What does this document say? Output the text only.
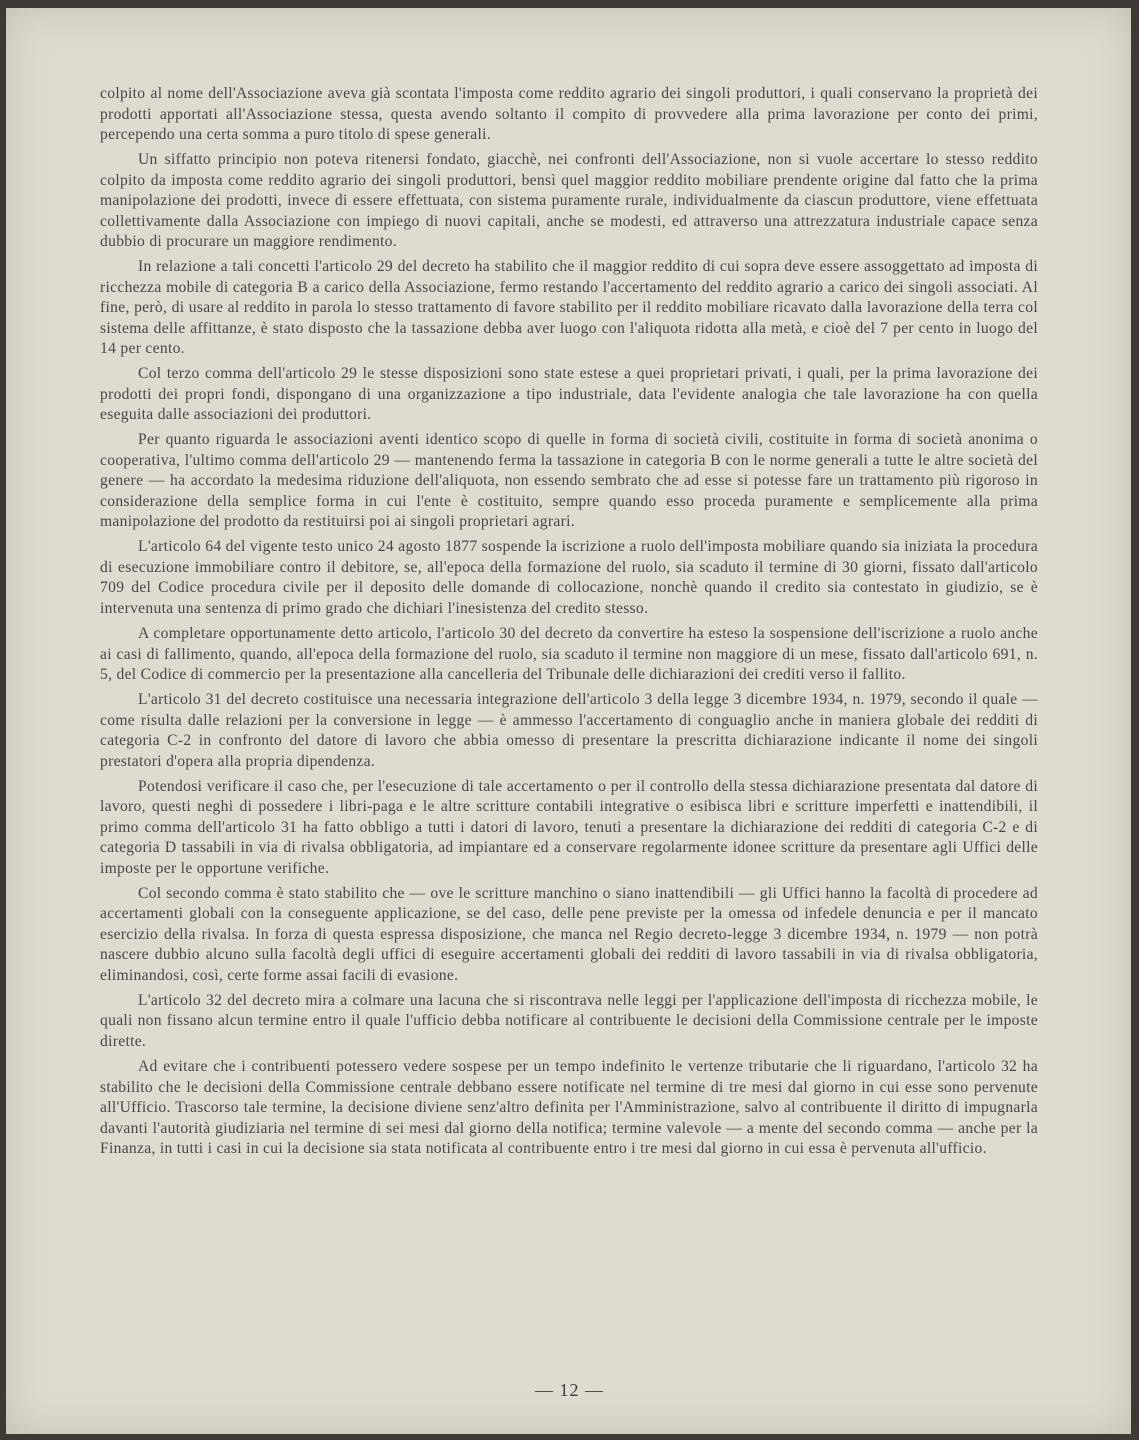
colpito al nome dell'Associazione aveva già scontata l'imposta come reddito agrario dei singoli produttori, i quali conservano la proprietà dei prodotti apportati all'Associazione stessa, questa avendo soltanto il compito di provvedere alla prima lavorazione per conto dei primi, percependo una certa somma a puro titolo di spese generali.

Un siffatto principio non poteva ritenersi fondato, giacchè, nei confronti dell'Associazione, non si vuole accertare lo stesso reddito colpito da imposta come reddito agrario dei singoli produttori, bensì quel maggior reddito mobiliare prendente origine dal fatto che la prima manipolazione dei prodotti, invece di essere effettuata, con sistema puramente rurale, individualmente da ciascun produttore, viene effettuata collettivamente dalla Associazione con impiego di nuovi capitali, anche se modesti, ed attraverso una attrezzatura industriale capace senza dubbio di procurare un maggiore rendimento.

In relazione a tali concetti l'articolo 29 del decreto ha stabilito che il maggior reddito di cui sopra deve essere assoggettato ad imposta di ricchezza mobile di categoria B a carico della Associazione, fermo restando l'accertamento del reddito agrario a carico dei singoli associati. Al fine, però, di usare al reddito in parola lo stesso trattamento di favore stabilito per il reddito mobiliare ricavato dalla lavorazione della terra col sistema delle affittanze, è stato disposto che la tassazione debba aver luogo con l'aliquota ridotta alla metà, e cioè del 7 per cento in luogo del 14 per cento.

Col terzo comma dell'articolo 29 le stesse disposizioni sono state estese a quei proprietari privati, i quali, per la prima lavorazione dei prodotti dei propri fondi, dispongano di una organizzazione a tipo industriale, data l'evidente analogia che tale lavorazione ha con quella eseguita dalle associazioni dei produttori.

Per quanto riguarda le associazioni aventi identico scopo di quelle in forma di società civili, costituite in forma di società anonima o cooperativa, l'ultimo comma dell'articolo 29 — mantenendo ferma la tassazione in categoria B con le norme generali a tutte le altre società del genere — ha accordato la medesima riduzione dell'aliquota, non essendo sembrato che ad esse si potesse fare un trattamento più rigoroso in considerazione della semplice forma in cui l'ente è costituito, sempre quando esso proceda puramente e semplicemente alla prima manipolazione del prodotto da restituirsi poi ai singoli proprietari agrari.

L'articolo 64 del vigente testo unico 24 agosto 1877 sospende la iscrizione a ruolo dell'imposta mobiliare quando sia iniziata la procedura di esecuzione immobiliare contro il debitore, se, all'epoca della formazione del ruolo, sia scaduto il termine di 30 giorni, fissato dall'articolo 709 del Codice procedura civile per il deposito delle domande di collocazione, nonchè quando il credito sia contestato in giudizio, se è intervenuta una sentenza di primo grado che dichiari l'inesistenza del credito stesso.

A completare opportunamente detto articolo, l'articolo 30 del decreto da convertire ha esteso la sospensione dell'iscrizione a ruolo anche ai casi di fallimento, quando, all'epoca della formazione del ruolo, sia scaduto il termine non maggiore di un mese, fissato dall'articolo 691, n. 5, del Codice di commercio per la presentazione alla cancelleria del Tribunale delle dichiarazioni dei crediti verso il fallito.

L'articolo 31 del decreto costituisce una necessaria integrazione dell'articolo 3 della legge 3 dicembre 1934, n. 1979, secondo il quale — come risulta dalle relazioni per la conversione in legge — è ammesso l'accertamento di conguaglio anche in maniera globale dei redditi di categoria C-2 in confronto del datore di lavoro che abbia omesso di presentare la prescritta dichiarazione indicante il nome dei singoli prestatori d'opera alla propria dipendenza.

Potendosi verificare il caso che, per l'esecuzione di tale accertamento o per il controllo della stessa dichiarazione presentata dal datore di lavoro, questi neghi di possedere i libri-paga e le altre scritture contabili integrative o esibisca libri e scritture imperfetti e inattendibili, il primo comma dell'articolo 31 ha fatto obbligo a tutti i datori di lavoro, tenuti a presentare la dichiarazione dei redditi di categoria C-2 e di categoria D tassabili in via di rivalsa obbligatoria, ad impiantare ed a conservare regolarmente idonee scritture da presentare agli Uffici delle imposte per le opportune verifiche.

Col secondo comma è stato stabilito che — ove le scritture manchino o siano inattendibili — gli Uffici hanno la facoltà di procedere ad accertamenti globali con la conseguente applicazione, se del caso, delle pene previste per la omessa od infedele denuncia e per il mancato esercizio della rivalsa. In forza di questa espressa disposizione, che manca nel Regio decreto-legge 3 dicembre 1934, n. 1979 — non potrà nascere dubbio alcuno sulla facoltà degli uffici di eseguire accertamenti globali dei redditi di lavoro tassabili in via di rivalsa obbligatoria, eliminandosi, così, certe forme assai facili di evasione.

L'articolo 32 del decreto mira a colmare una lacuna che si riscontrava nelle leggi per l'applicazione dell'imposta di ricchezza mobile, le quali non fissano alcun termine entro il quale l'ufficio debba notificare al contribuente le decisioni della Commissione centrale per le imposte dirette.

Ad evitare che i contribuenti potessero vedere sospese per un tempo indefinito le vertenze tributarie che li riguardano, l'articolo 32 ha stabilito che le decisioni della Commissione centrale debbano essere notificate nel termine di tre mesi dal giorno in cui esse sono pervenute all'Ufficio. Trascorso tale termine, la decisione diviene senz'altro definita per l'Amministrazione, salvo al contribuente il diritto di impugnarla davanti l'autorità giudiziaria nel termine di sei mesi dal giorno della notifica; termine valevole — a mente del secondo comma — anche per la Finanza, in tutti i casi in cui la decisione sia stata notificata al contribuente entro i tre mesi dal giorno in cui essa è pervenuta all'ufficio.

— 12 —
